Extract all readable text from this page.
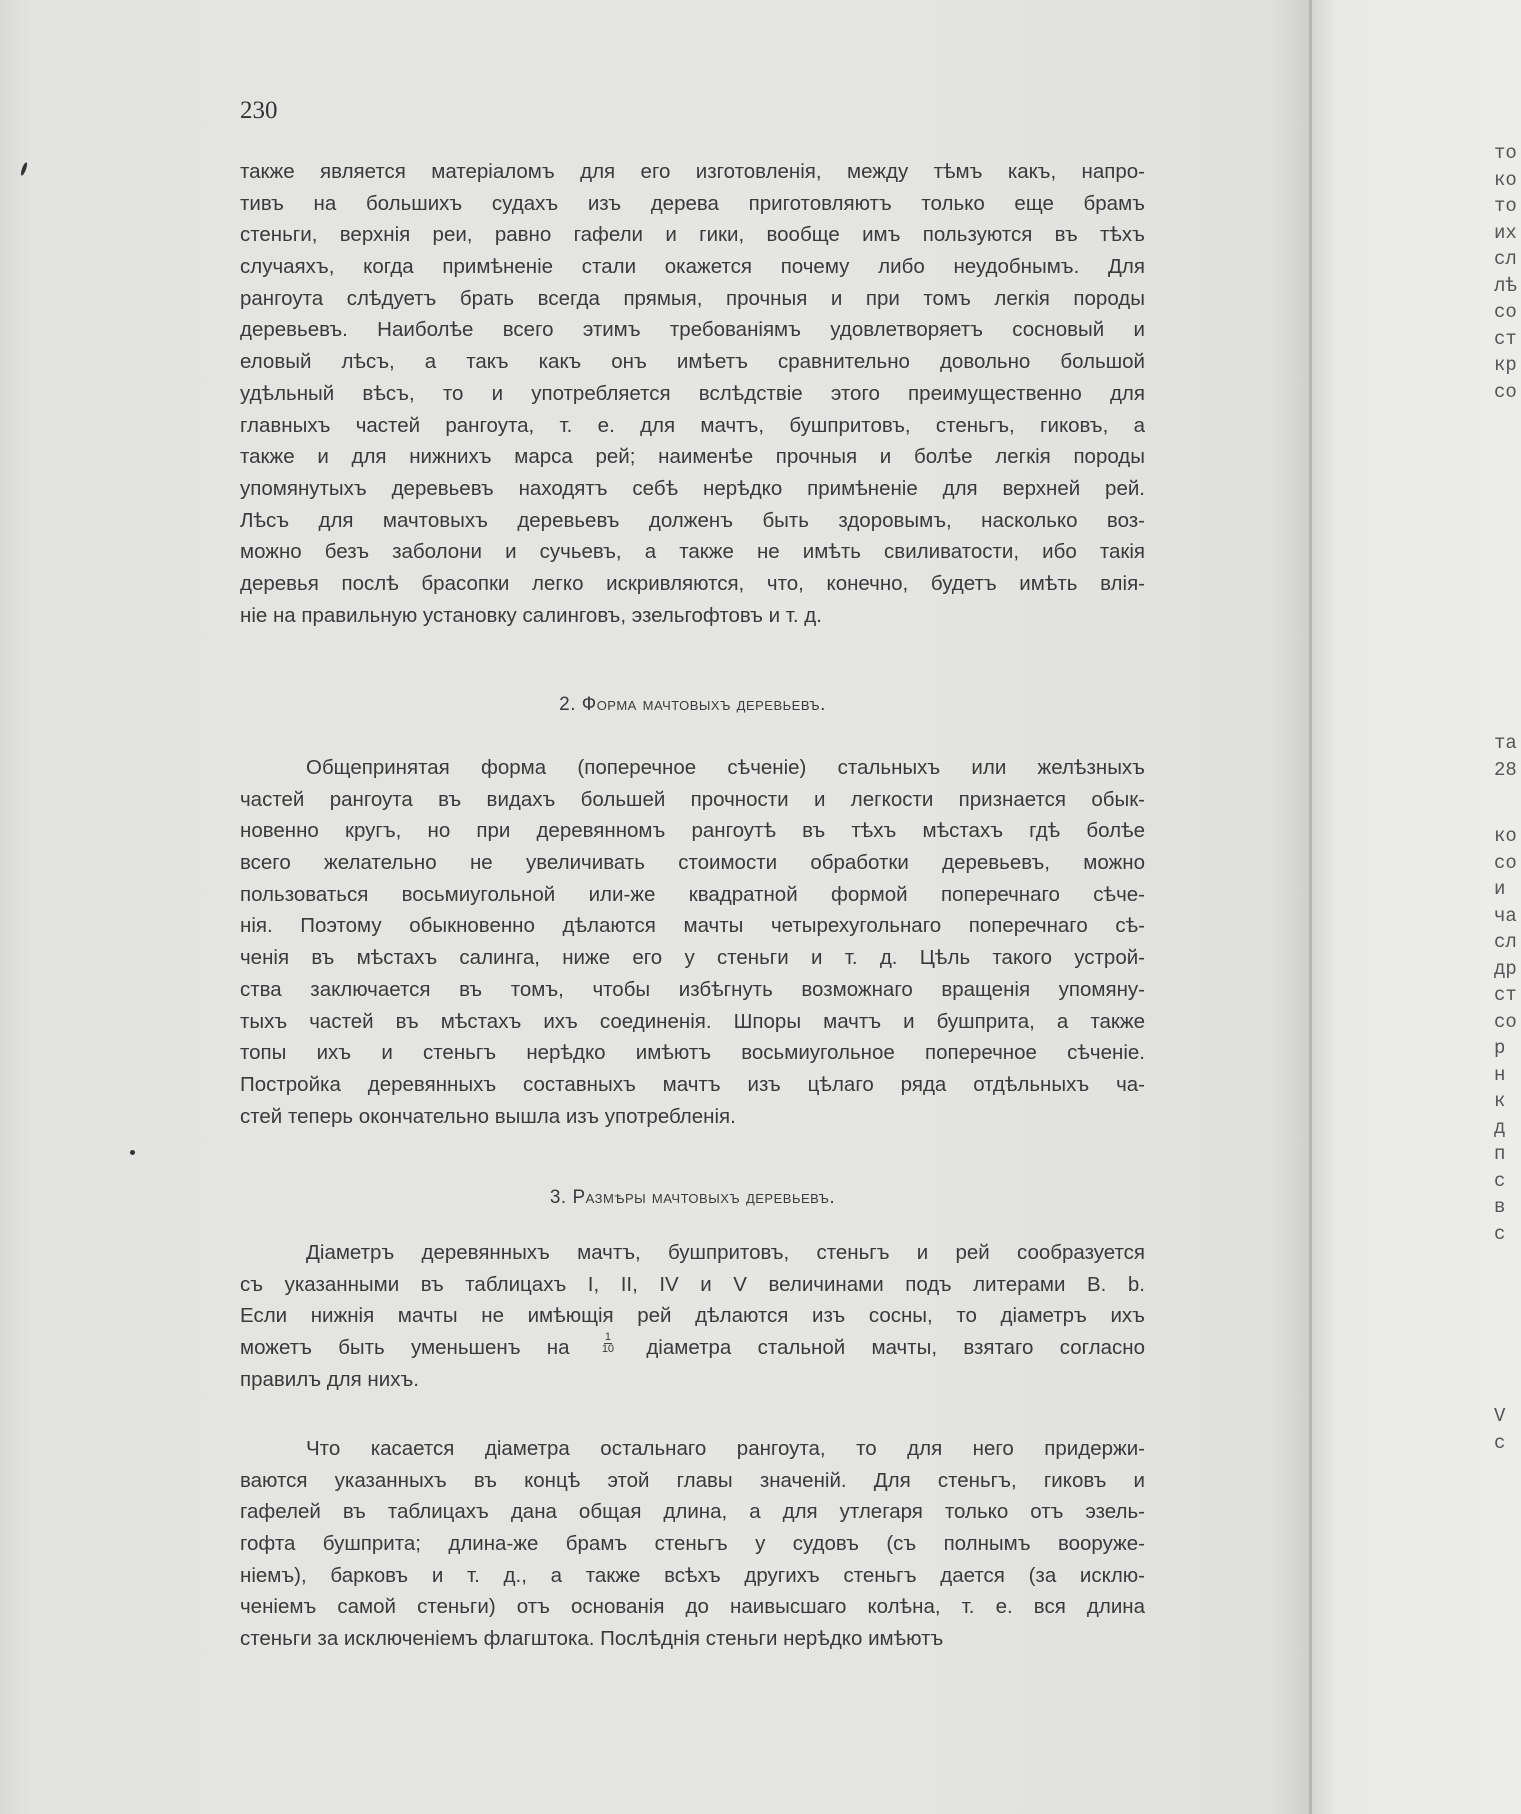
230
также является матеріаломъ для его изготовленія, между тѣмъ какъ, напро-
тивъ на большихъ судахъ изъ дерева приготовляютъ только еще брамъ
стеньги, верхнія реи, равно гафели и гики, вообще имъ пользуются въ тѣхъ
случаяхъ, когда примѣненіе стали окажется почему либо неудобнымъ. Для
рангоута слѣдуетъ брать всегда прямыя, прочныя и при томъ легкія породы
деревьевъ. Наиболѣе всего этимъ требованіямъ удовлетворяетъ сосновый и
еловый лѣсъ, а такъ какъ онъ имѣетъ сравнительно довольно большой
удѣльный вѣсъ, то и употребляется вслѣдствіе этого преимущественно для
главныхъ частей рангоута, т. е. для мачтъ, бушпритовъ, стеньгъ, гиковъ, а
также и для нижнихъ марса рей; наименѣе прочныя и болѣе легкія породы
упомянутыхъ деревьевъ находятъ себѣ нерѣдко примѣненіе для верхней рей.
Лѣсъ для мачтовыхъ деревьевъ долженъ быть здоровымъ, насколько воз-
можно безъ заболони и сучьевъ, а также не имѣть свиливатости, ибо такія
деревья послѣ брасопки легко искривляются, что, конечно, будетъ имѣть влія-
ніе на правильную установку салинговъ, эзельгофтовъ и т. д.
2. Форма мачтовыхъ деревьевъ.
Общепринятая форма (поперечное сѣченіе) стальныхъ или желѣзныхъ
частей рангоута въ видахъ большей прочности и легкости признается обык-
новенно кругъ, но при деревянномъ рангоутѣ въ тѣхъ мѣстахъ гдѣ болѣе
всего желательно не увеличивать стоимости обработки деревьевъ, можно
пользоваться восьмиугольной или-же квадратной формой поперечнаго сѣче-
нія. Поэтому обыкновенно дѣлаются мачты четырехугольнаго поперечнаго сѣ-
ченія въ мѣстахъ салинга, ниже его у стеньги и т. д. Цѣль такого устрой-
ства заключается въ томъ, чтобы избѣгнуть возможнаго вращенія упомяну-
тыхъ частей въ мѣстахъ ихъ соединенія. Шпоры мачтъ и бушприта, а также
топы ихъ и стеньгъ нерѣдко имѣютъ восьмиугольное поперечное сѣченіе.
Постройка деревянныхъ составныхъ мачтъ изъ цѣлаго ряда отдѣльныхъ ча-
стей теперь окончательно вышла изъ употребленія.
3. Размѣры мачтовыхъ деревьевъ.
Діаметръ деревянныхъ мачтъ, бушпритовъ, стеньгъ и рей сообразуется
съ указанными въ таблицахъ I, II, IV и V величинами подъ литерами B. b.
Если нижнія мачты не имѣющія рей дѣлаются изъ сосны, то діаметръ ихъ
можетъ быть уменьшенъ на	$\frac{1}{10}$ діаметра стальной мачты, взятаго согласно
правилъ для нихъ.
Что касается діаметра остальнаго рангоута, то для него придержи-
ваются указанныхъ въ концѣ этой главы значеній. Для стеньгъ, гиковъ и
гафелей въ таблицахъ дана общая длина, а для утлегаря только отъ эзель-
гофта бушприта; длина-же брамъ стеньгъ у судовъ (съ полнымъ вооруже-
ніемъ), барковъ и т. д., а также всѣхъ другихъ стеньгъ дается (за исклю-
ченіемъ самой стеньги) отъ основанія до наивысшаго колѣна, т. е. вся длина
стеньги за исключеніемъ флагштока. Послѣднія стеньги нерѣдко имѣютъ
то
ко
то
их
сл
лѣ
со
ст
кр
со
та
28
ко
со
и
ча
сл
др
ст
со
р
н
к
д
п
с
в
с
V
с
